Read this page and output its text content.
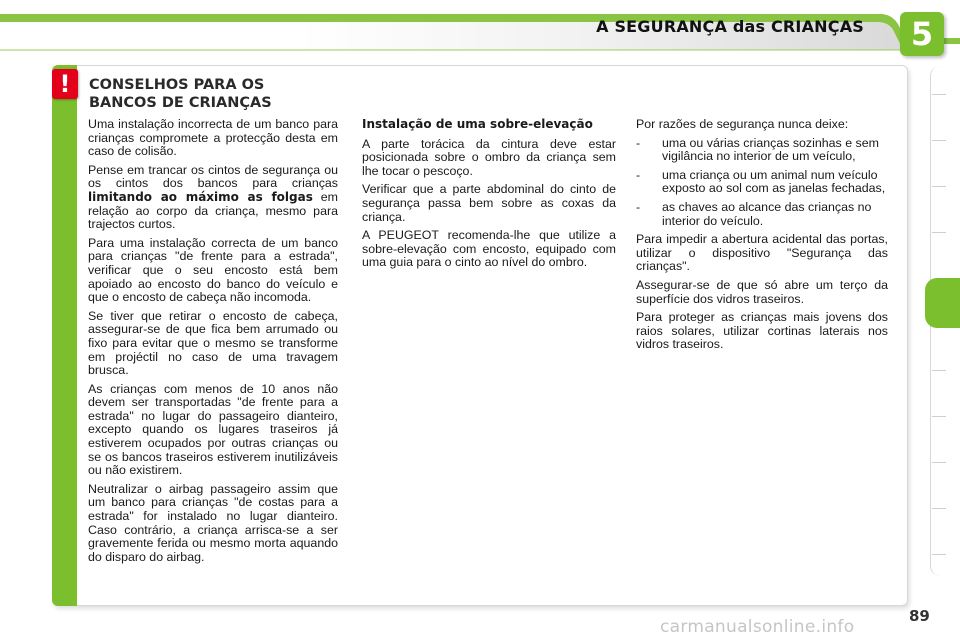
A SEGURANÇA das CRIANÇAS	5
!	CONSELHOS PARA OS
BANCOS DE CRIANÇAS

Uma instalação incorrecta de um banco para crianças compromete a protecção desta em caso de colisão.

Pense em trancar os cintos de segurança ou os cintos dos bancos para crianças limitando ao máximo as folgas em relação ao corpo da criança, mesmo para trajectos curtos.

Para uma instalação correcta de um banco para crianças "de frente para a estrada", verificar que o seu encosto está bem apoiado ao encosto do banco do veículo e que o encosto de cabeça não incomoda.

Se tiver que retirar o encosto de cabeça, assegurar-se de que fica bem arrumado ou fixo para evitar que o mesmo se transforme em projéctil no caso de uma travagem brusca.

As crianças com menos de 10 anos não devem ser transportadas "de frente para a estrada" no lugar do passageiro dianteiro, excepto quando os lugares traseiros já estiverem ocupados por outras crianças ou se os bancos traseiros estiverem inutilizáveis ou não existirem.

Neutralizar o airbag passageiro assim que um banco para crianças "de costas para a estrada" for instalado no lugar dianteiro. Caso contrário, a criança arrisca-se a ser gravemente ferida ou mesmo morta aquando do disparo do airbag.

Instalação de uma sobre-elevação

A parte torácica da cintura deve estar posicionada sobre o ombro da criança sem lhe tocar o pescoço.

Verificar que a parte abdominal do cinto de segurança passa bem sobre as coxas da criança.

A PEUGEOT recomenda-lhe que utilize a sobre-elevação com encosto, equipado com uma guia para o cinto ao nível do ombro.

Por razões de segurança nunca deixe:

-	uma ou várias crianças sozinhas e sem vigilância no interior de um veículo,
-	uma criança ou um animal num veículo exposto ao sol com as janelas fechadas,
-	as chaves ao alcance das crianças no interior do veículo.

Para impedir a abertura acidental das portas, utilizar o dispositivo "Segurança das crianças".

Assegurar-se de que só abre um terço da superfície dos vidros traseiros.

Para proteger as crianças mais jovens dos raios solares, utilizar cortinas laterais nos vidros traseiros.

89
carmanualsonline.info
